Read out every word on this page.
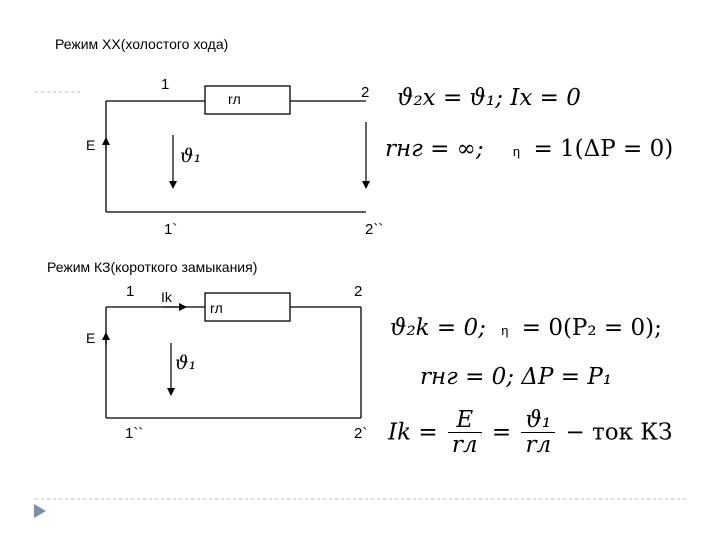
Режим ХХ(холостого хода)
1	2
rл
E	ϑ₁
1`	2``
ϑ₂x = ϑ₁; Ix = 0
rнг = ∞; η = 1(ΔP = 0)
Режим КЗ(короткого замыкания)
1 Ik
rл
2
E
ϑ₁
1``	2`
ϑ₂k = 0; η = 0(P₂ = 0);
rнг = 0; ΔP = P₁
$Ik = \frac{E}{rл} = \frac{\text{ϑ₁}}{rл}$ − ток КЗ
